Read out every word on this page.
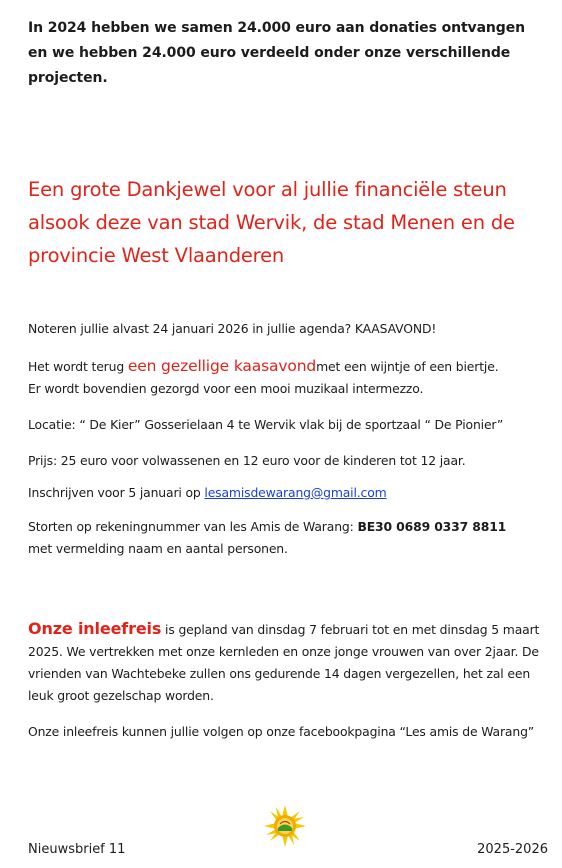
In 2024 hebben we samen 24.000 euro aan donaties ontvangen en we hebben 24.000 euro verdeeld onder onze verschillende projecten.

Een grote Dankjewel voor al jullie financiële steun alsook deze van stad Wervik, de stad Menen en de provincie West Vlaanderen

Noteren jullie alvast 24 januari 2026 in jullie agenda? KAASAVOND!

Het wordt terug een gezellige kaasavondmet een wijntje of een biertje.
Er wordt bovendien gezorgd voor een mooi muzikaal intermezzo.

Locatie: “ De Kier” Gosserielaan 4 te Wervik vlak bij de sportzaal “ De Pionier”

Prijs: 25 euro voor volwassenen en 12 euro voor de kinderen tot 12 jaar.

Inschrijven voor 5 januari op lesamisdewarang@gmail.com

Storten op rekeningnummer van les Amis de Warang: BE30 0689 0337 8811
met vermelding naam en aantal personen.

Onze inleefreis is gepland van dinsdag 7 februari tot en met dinsdag 5 maart 2025. We vertrekken met onze kernleden en onze jonge vrouwen van over 2jaar. De vrienden van Wachtebeke zullen ons gedurende 14 dagen vergezellen, het zal een leuk groot gezelschap worden.

Onze inleefreis kunnen jullie volgen op onze facebookpagina “Les amis de Warang”

Nieuwsbrief 11	2025-2026
